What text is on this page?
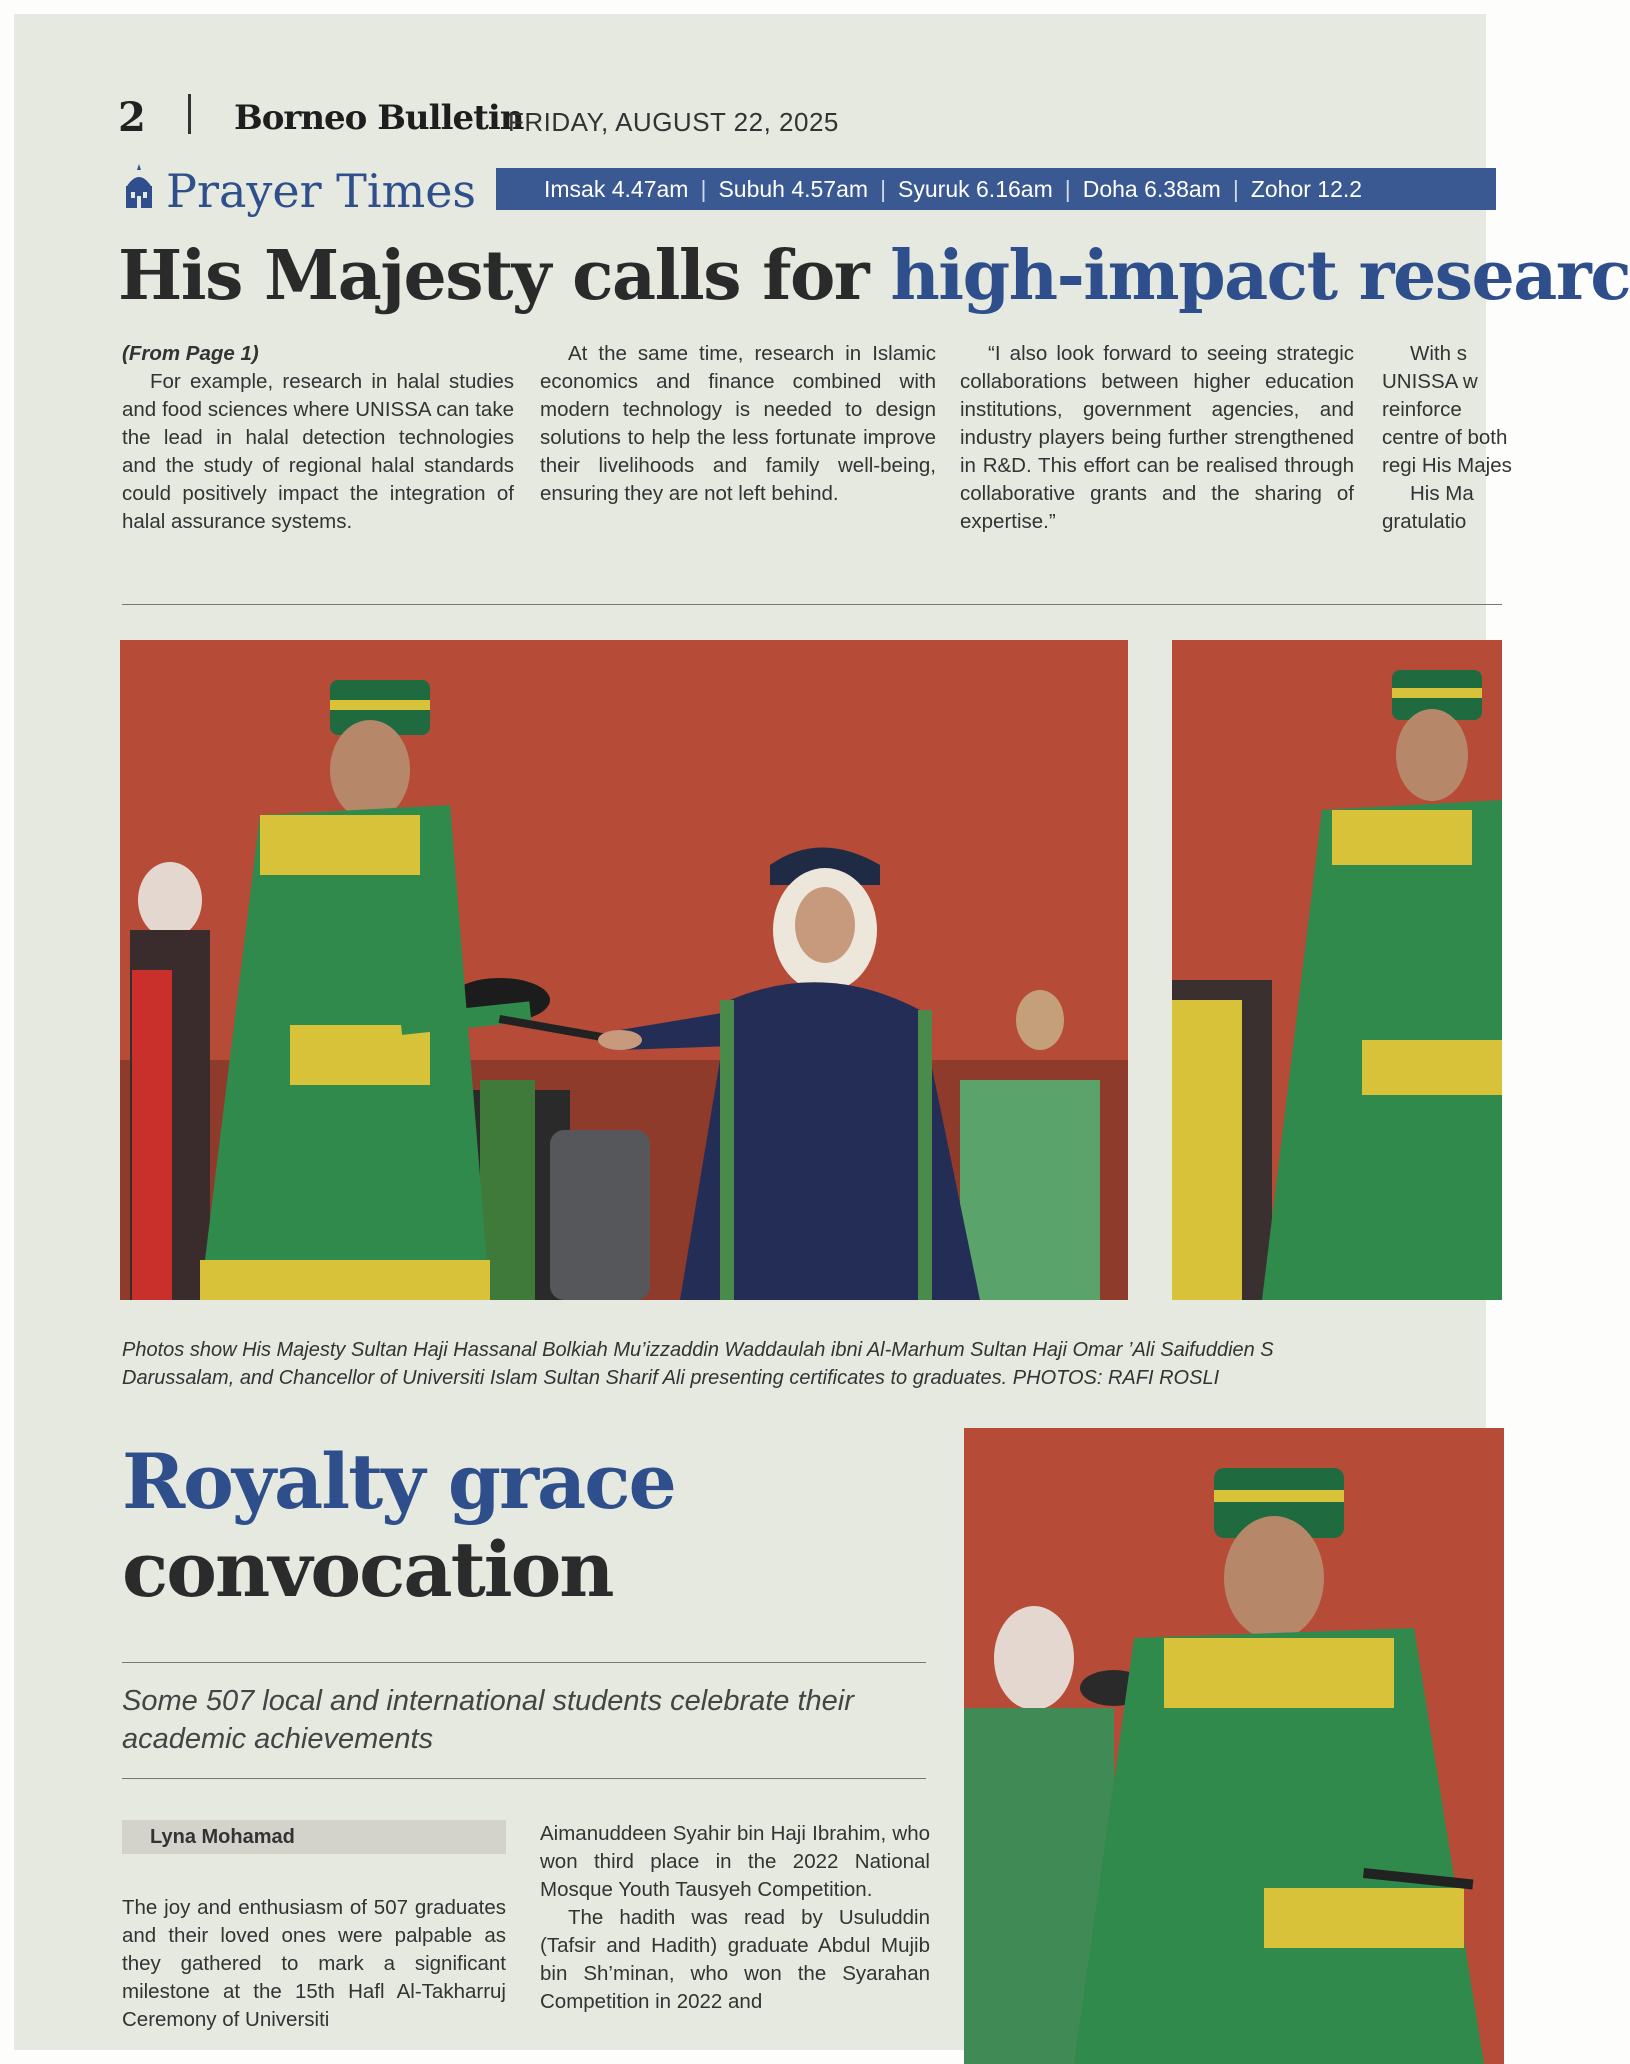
2	Borneo Bulletin
FRIDAY, AUGUST 22, 2025
Prayer Times	Imsak 4.47am | Subuh 4.57am | Syuruk 6.16am | Doha 6.38am | Zohor 12.2
His Majesty calls for high-impact researc

(From Page 1)

For example, research in halal studies and food sciences where UNISSA can take the lead in halal detection technologies and the study of regional halal standards could positively impact the integration of halal assurance systems.

At the same time, research in Islamic economics and finance combined with modern technology is needed to design solutions to help the less fortunate improve their livelihoods and family well-being, ensuring they are not left behind.

“I also look forward to seeing strategic collaborations between higher education institutions, government agencies, and industry players being further strengthened in R&D. This effort can be realised through collaborative grants and the sharing of expertise.”

With s UNISSA w reinforce centre of both regi His Majes

His Ma gratulatio

Photos show His Majesty Sultan Haji Hassanal Bolkiah Mu’izzaddin Waddaulah ibni Al-Marhum Sultan Haji Omar ’Ali Saifuddien S
Darussalam, and Chancellor of Universiti Islam Sultan Sharif Ali presenting certificates to graduates. PHOTOS: RAFI ROSLI
Royalty grace
convocation
Some 507 local and international students celebrate their academic achievements
Lyna Mohamad

The joy and enthusiasm of 507 graduates and their loved ones were palpable as they gathered to mark a significant milestone at the 15th Hafl Al-Takharruj Ceremony of Universiti

Aimanuddeen Syahir bin Haji Ibrahim, who won third place in the 2022 National Mosque Youth Tausyeh Competition.

The hadith was read by Usuluddin (Tafsir and Hadith) graduate Abdul Mujib bin Sh’minan, who won the Syarahan Competition in 2022 and
